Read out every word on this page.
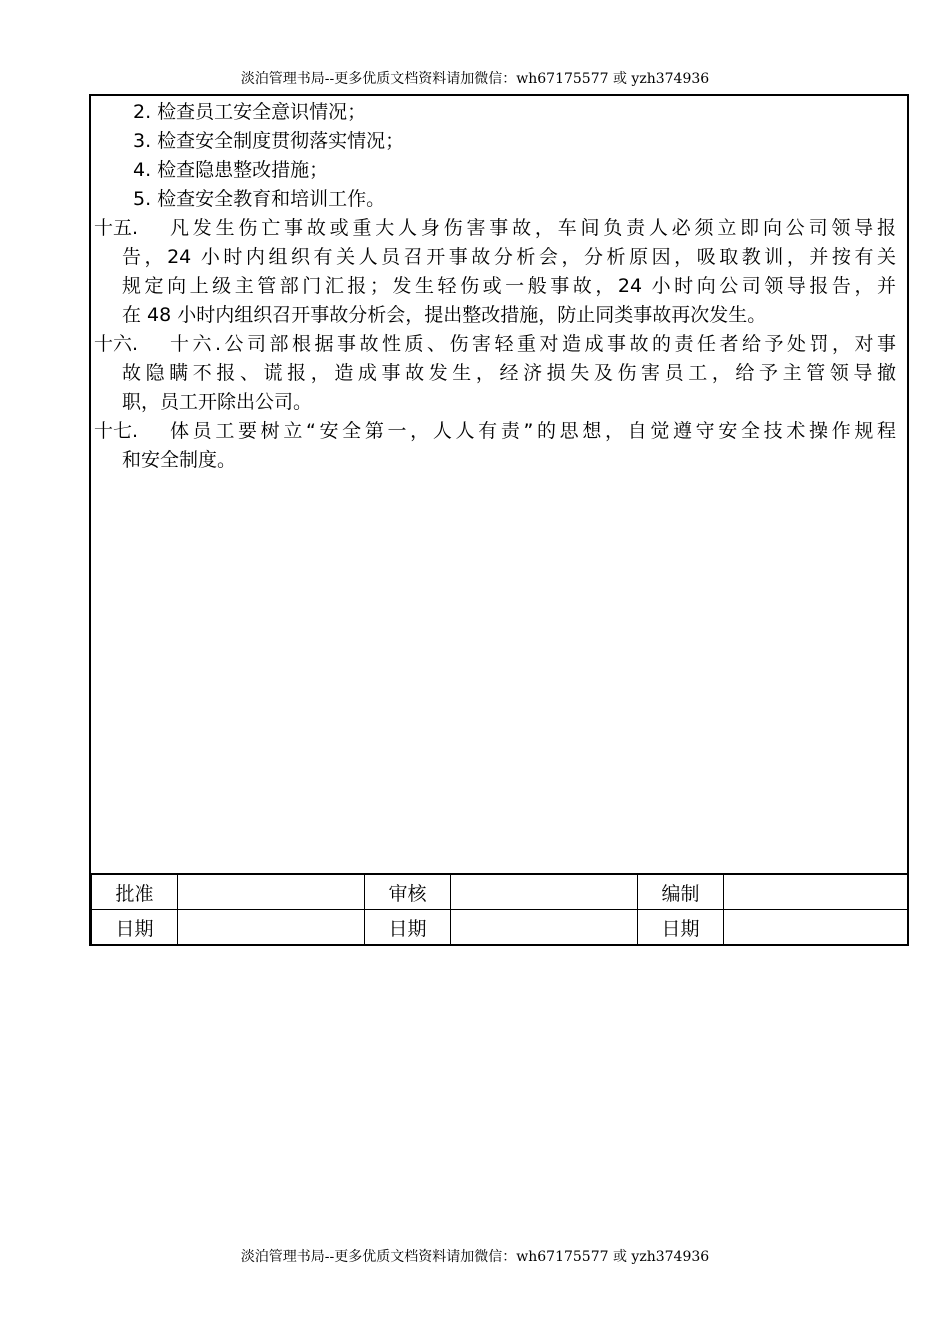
淡泊管理书局--更多优质文档资料请加微信：wh67175577 或 yzh374936
2. 检查员工安全意识情况；
3. 检查安全制度贯彻落实情况；
4. 检查隐患整改措施；
5. 检查安全教育和培训工作。
十五. 凡发生伤亡事故或重大人身伤害事故，车间负责人必须立即向公司领导报
告，24 小时内组织有关人员召开事故分析会，分析原因，吸取教训，并按有关
规定向上级主管部门汇报；发生轻伤或一般事故，24 小时向公司领导报告，并
在 48 小时内组织召开事故分析会，提出整改措施，防止同类事故再次发生。
十六. 十六.公司部根据事故性质、伤害轻重对造成事故的责任者给予处罚，对事
故隐瞒不报、谎报，造成事故发生，经济损失及伤害员工，给予主管领导撤
职，员工开除出公司。
十七. 体员工要树立“安全第一，人人有责”的思想，自觉遵守安全技术操作规程
和安全制度。
批准		审核		编制	
日期		日期		日期	
淡泊管理书局--更多优质文档资料请加微信：wh67175577 或 yzh374936
